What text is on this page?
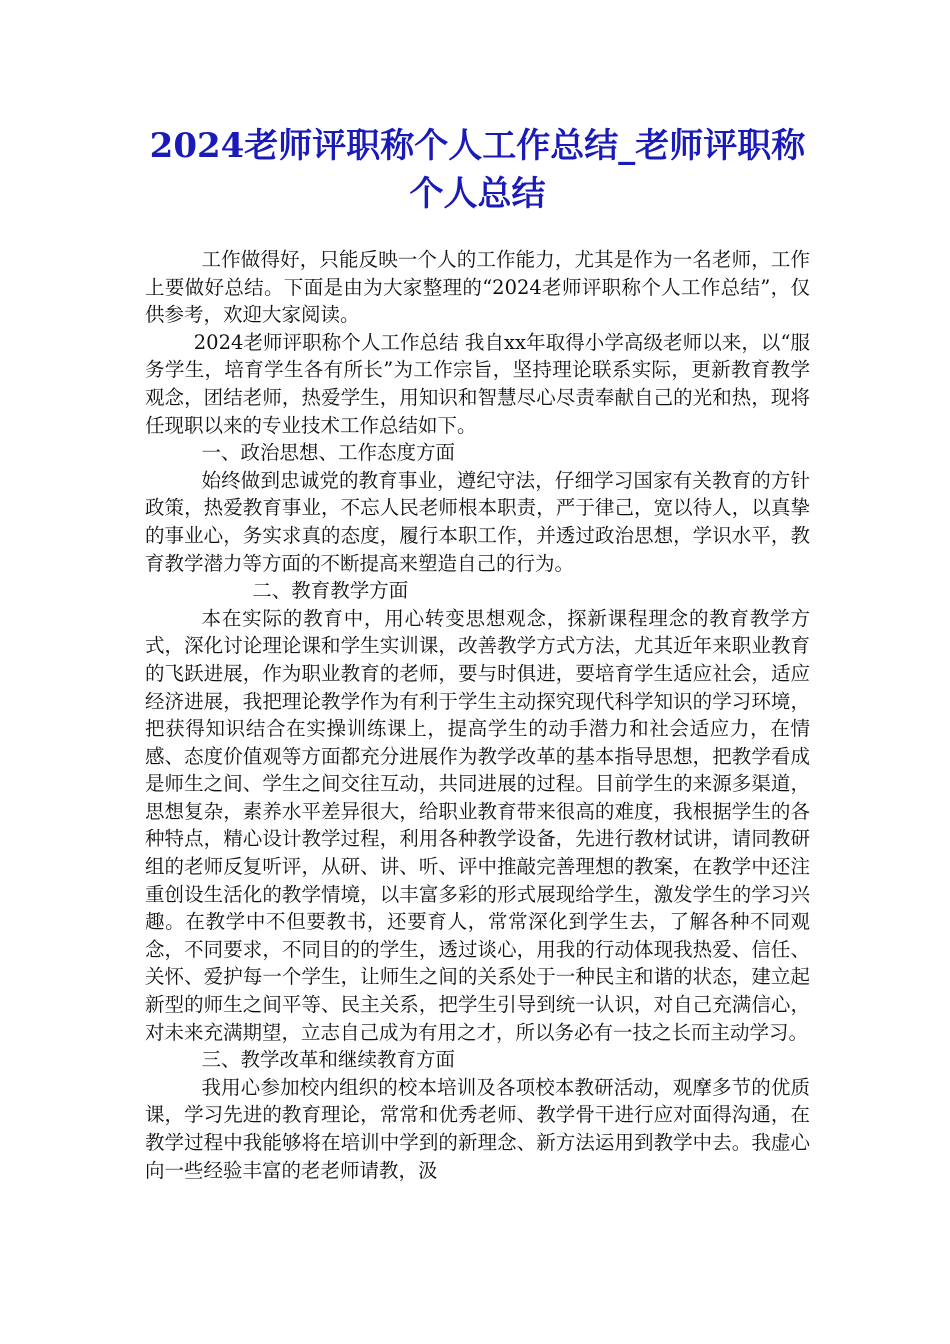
2024老师评职称个人工作总结_老师评职称个人总结

工作做得好，只能反映一个人的工作能力，尤其是作为一名老师，工作上要做好总结。下面是由为大家整理的“2024老师评职称个人工作总结”，仅供参考，欢迎大家阅读。

2024老师评职称个人工作总结 我自xx年取得小学高级老师以来，以“服务学生，培育学生各有所长”为工作宗旨，坚持理论联系实际，更新教育教学观念，团结老师，热爱学生，用知识和智慧尽心尽责奉献自己的光和热，现将任现职以来的专业技术工作总结如下。

一、政治思想、工作态度方面

始终做到忠诚党的教育事业，遵纪守法，仔细学习国家有关教育的方针政策，热爱教育事业，不忘人民老师根本职责，严于律己，宽以待人，以真挚的事业心，务实求真的态度，履行本职工作，并透过政治思想，学识水平，教育教学潜力等方面的不断提高来塑造自己的行为。

二、教育教学方面

本在实际的教育中，用心转变思想观念，探新课程理念的教育教学方式，深化讨论理论课和学生实训课，改善教学方式方法，尤其近年来职业教育的飞跃进展，作为职业教育的老师，要与时俱进，要培育学生适应社会，适应经济进展，我把理论教学作为有利于学生主动探究现代科学知识的学习环境，把获得知识结合在实操训练课上，提高学生的动手潜力和社会适应力，在情感、态度价值观等方面都充分进展作为教学改革的基本指导思想，把教学看成是师生之间、学生之间交往互动，共同进展的过程。目前学生的来源多渠道，思想复杂，素养水平差异很大，给职业教育带来很高的难度，我根据学生的各种特点，精心设计教学过程，利用各种教学设备，先进行教材试讲，请同教研组的老师反复听评，从研、讲、听、评中推敲完善理想的教案，在教学中还注重创设生活化的教学情境，以丰富多彩的形式展现给学生，激发学生的学习兴趣。在教学中不但要教书，还要育人，常常深化到学生去，了解各种不同观念，不同要求，不同目的的学生，透过谈心，用我的行动体现我热爱、信任、关怀、爱护每一个学生，让师生之间的关系处于一种民主和谐的状态，建立起新型的师生之间平等、民主关系，把学生引导到统一认识，对自己充满信心，对未来充满期望，立志自己成为有用之才，所以务必有一技之长而主动学习。

三、教学改革和继续教育方面

我用心参加校内组织的校本培训及各项校本教研活动，观摩多节的优质课，学习先进的教育理论，常常和优秀老师、教学骨干进行应对面得沟通，在教学过程中我能够将在培训中学到的新理念、新方法运用到教学中去。我虚心向一些经验丰富的老老师请教，汲
